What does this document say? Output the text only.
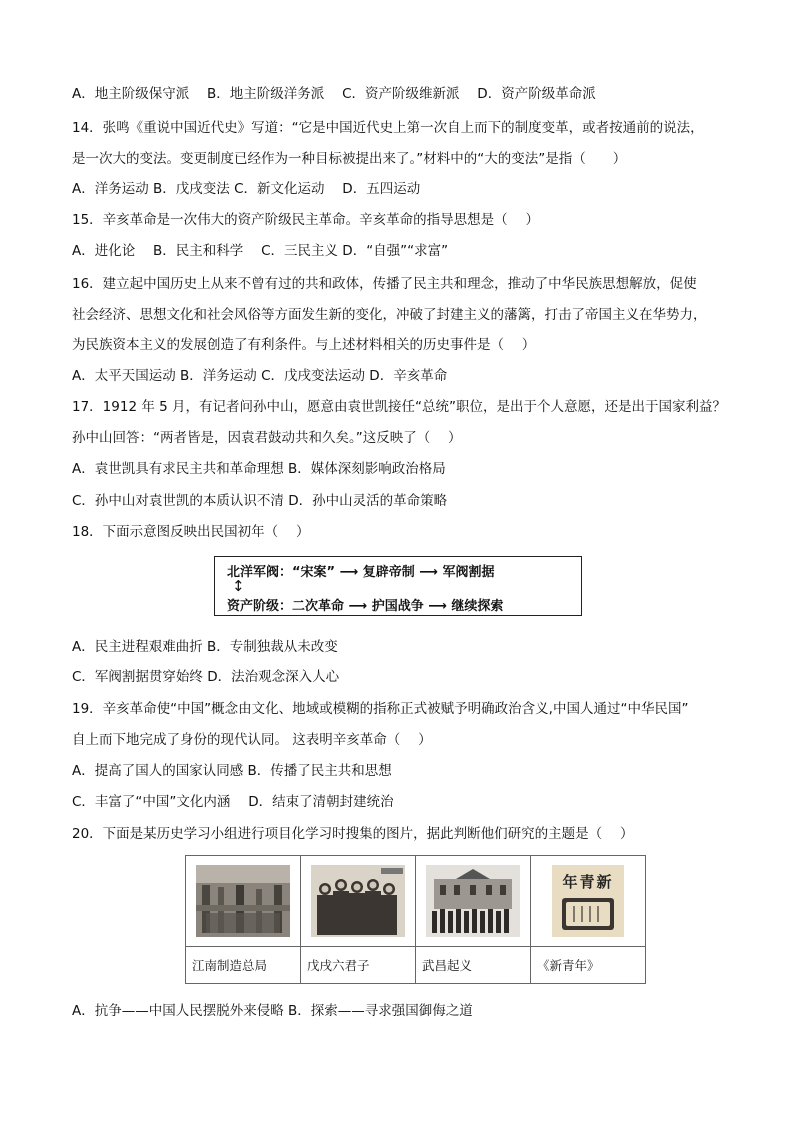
A．地主阶级保守派　 B．地主阶级洋务派　 C．资产阶级维新派　 D．资产阶级革命派
14．张鸣《重说中国近代史》写道：“它是中国近代史上第一次自上而下的制度变革，或者按通前的说法，
是一次大的变法。变更制度已经作为一种目标被提出来了。”材料中的“大的变法”是指（　　）
A．洋务运动 B．戊戌变法 C．新文化运动　 D．五四运动
15．辛亥革命是一次伟大的资产阶级民主革命。辛亥革命的指导思想是（　 ）
A．进化论　 B．民主和科学　 C．三民主义 D．“自强”“求富”
16．建立起中国历史上从来不曾有过的共和政体，传播了民主共和理念，推动了中华民族思想解放，促使
社会经济、思想文化和社会风俗等方面发生新的变化，冲破了封建主义的藩篱，打击了帝国主义在华势力，
为民族资本主义的发展创造了有利条件。与上述材料相关的历史事件是（　 ）
A．太平天国运动 B．洋务运动 C．戊戌变法运动 D．辛亥革命
17．1912 年 5 月，有记者问孙中山，愿意由袁世凯接任“总统”职位，是出于个人意愿，还是出于国家利益？
孙中山回答：“两者皆是，因袁君鼓动共和久矣。”这反映了（　 ）
A．袁世凯具有求民主共和革命理想 B．媒体深刻影响政治格局
C．孙中山对袁世凯的本质认识不清 D．孙中山灵活的革命策略
18．下面示意图反映出民国初年（　 ）
北洋军阀：“宋案” ⟶ 复辟帝制 ⟶ 军阀割据
↕
资产阶级：二次革命 ⟶ 护国战争 ⟶ 继续探索
A．民主进程艰难曲折 B．专制独裁从未改变
C．军阀割据贯穿始终 D．法治观念深入人心
19．辛亥革命使“中国”概念由文化、地域或模糊的指称正式被赋予明确政治含义,中国人通过“中华民国”
自上而下地完成了身份的现代认同。 这表明辛亥革命（　 ）
A．提高了国人的国家认同感 B．传播了民主共和思想
C．丰富了“中国”文化内涵　 D．结束了清朝封建统治
20．下面是某历史学习小组进行项目化学习时搜集的图片，据此判断他们研究的主题是（　 ）

年青新

江南制造总局	戊戌六君子	武昌起义	《新青年》
A．抗争——中国人民摆脱外来侵略 B．探索——寻求强国御侮之道
